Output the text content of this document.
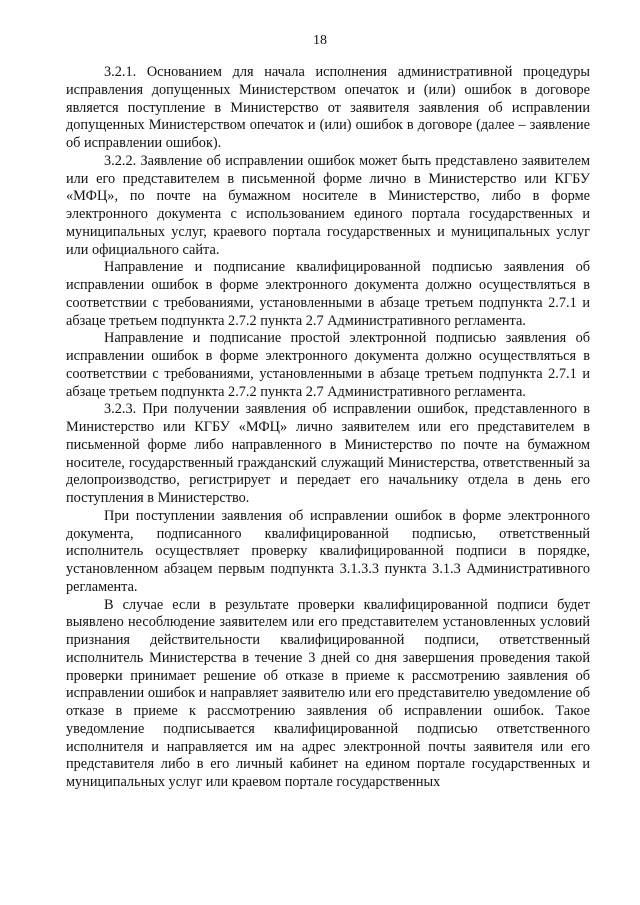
18

3.2.1. Основанием для начала исполнения административной процедуры исправления допущенных Министерством опечаток и (или) ошибок в договоре является поступление в Министерство от заявителя заявления об исправлении допущенных Министерством опечаток и (или) ошибок в договоре (далее – заявление об исправлении ошибок).

3.2.2. Заявление об исправлении ошибок может быть представлено заявителем или его представителем в письменной форме лично в Министерство или КГБУ «МФЦ», по почте на бумажном носителе в Министерство, либо в форме электронного документа с использованием единого портала государственных и муниципальных услуг, краевого портала государственных и муниципальных услуг или официального сайта.

Направление и подписание квалифицированной подписью заявления об исправлении ошибок в форме электронного документа должно осуществляться в соответствии с требованиями, установленными в абзаце третьем подпункта 2.7.1 и абзаце третьем подпункта 2.7.2 пункта 2.7 Административного регламента.

Направление и подписание простой электронной подписью заявления об исправлении ошибок в форме электронного документа должно осуществляться в соответствии с требованиями, установленными в абзаце третьем подпункта 2.7.1 и абзаце третьем подпункта 2.7.2 пункта 2.7 Административного регламента.

3.2.3. При получении заявления об исправлении ошибок, представленного в Министерство или КГБУ «МФЦ» лично заявителем или его представителем в письменной форме либо направленного в Министерство по почте на бумажном носителе, государственный гражданский служащий Министерства, ответственный за делопроизводство, регистрирует и передает его начальнику отдела в день его поступления в Министерство.

При поступлении заявления об исправлении ошибок в форме электронного документа, подписанного квалифицированной подписью, ответственный исполнитель осуществляет проверку квалифицированной подписи в порядке, установленном абзацем первым подпункта 3.1.3.3 пункта 3.1.3 Административного регламента.

В случае если в результате проверки квалифицированной подписи будет выявлено несоблюдение заявителем или его представителем установленных условий признания действительности квалифицированной подписи, ответственный исполнитель Министерства в течение 3 дней со дня завершения проведения такой проверки принимает решение об отказе в приеме к рассмотрению заявления об исправлении ошибок и направляет заявителю или его представителю уведомление об отказе в приеме к рассмотрению заявления об исправлении ошибок. Такое уведомление подписывается квалифицированной подписью ответственного исполнителя и направляется им на адрес электронной почты заявителя или его представителя либо в его личный кабинет на едином портале государственных и муниципальных услуг или краевом портале государственных
